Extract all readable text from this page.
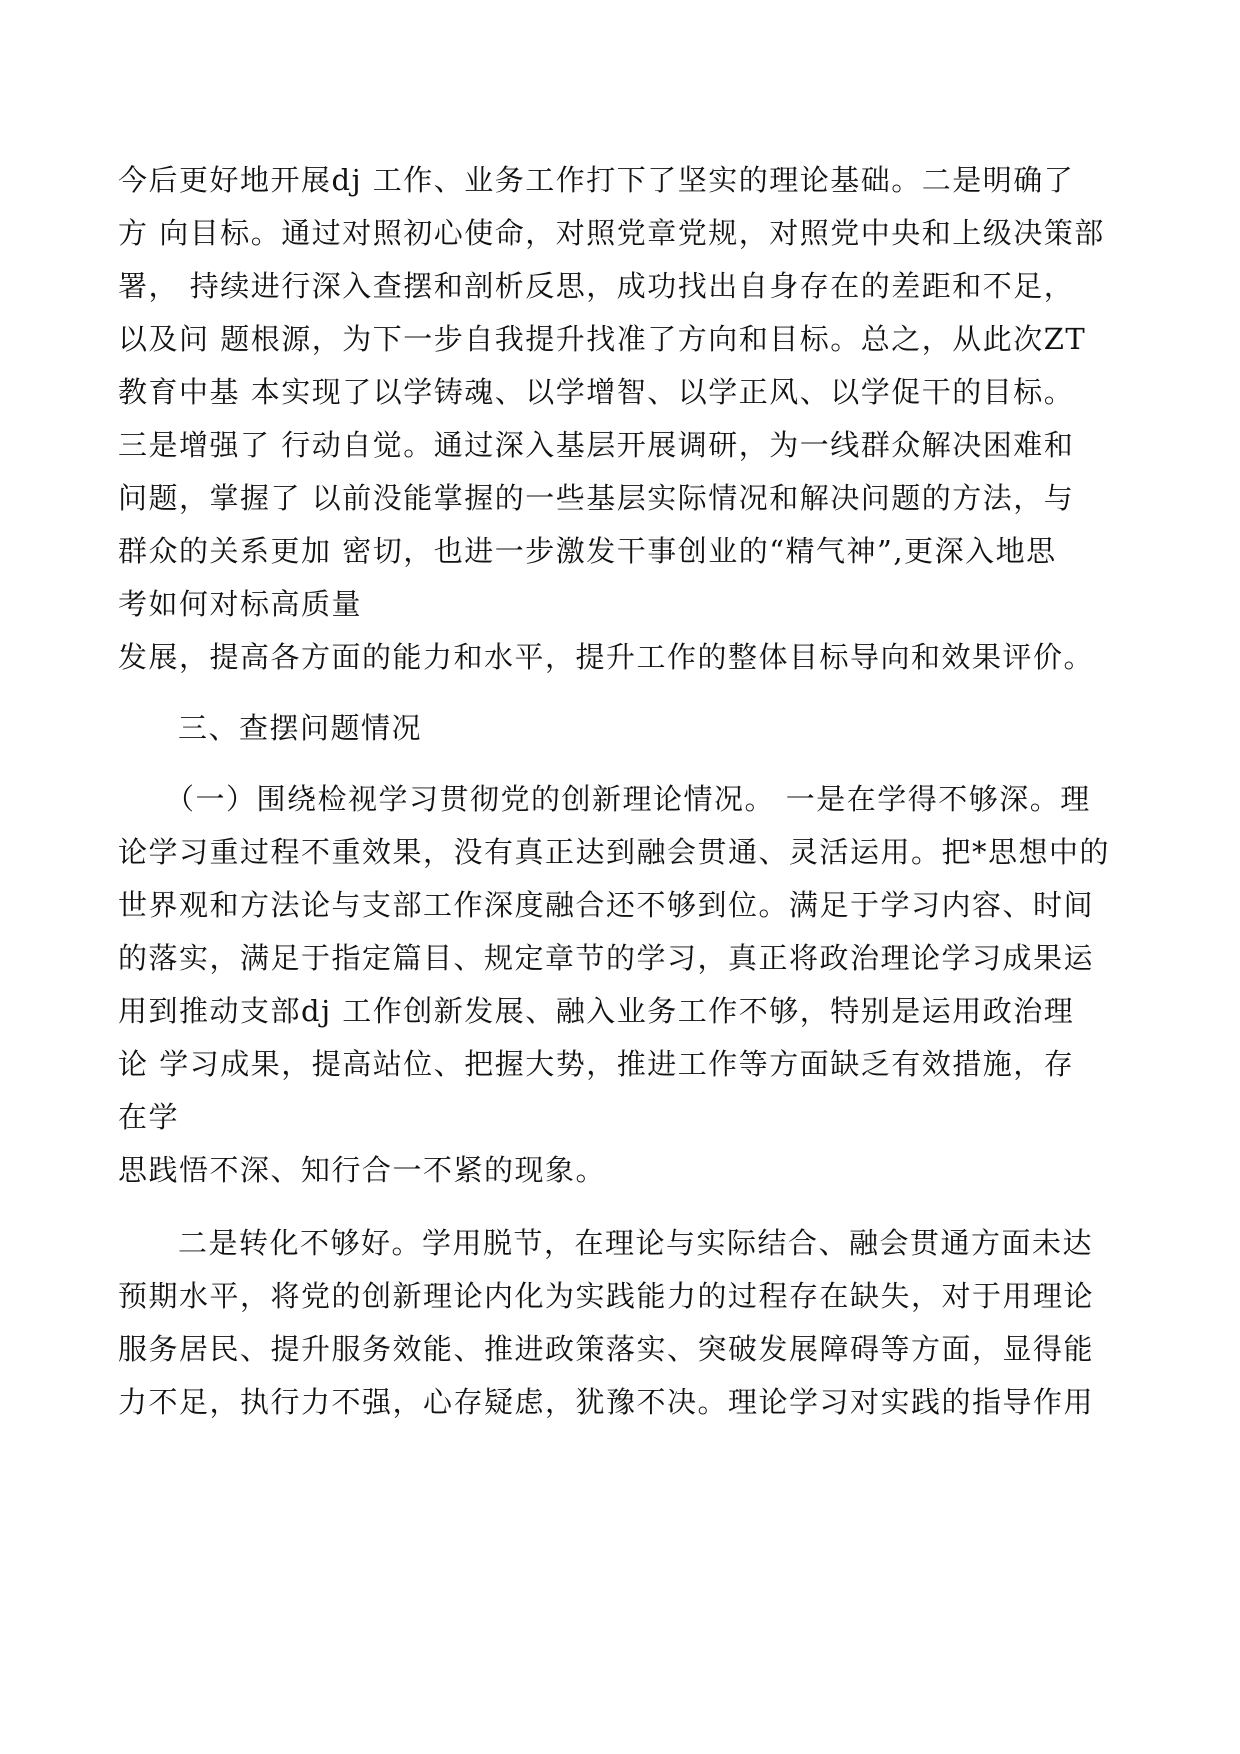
今后更好地开展dj 工作、业务工作打下了坚实的理论基础。二是明确了
方 向目标。通过对照初心使命，对照党章党规，对照党中央和上级决策部
署， 持续进行深入查摆和剖析反思，成功找出自身存在的差距和不足，
以及问 题根源，为下一步自我提升找准了方向和目标。总之，从此次ZT
教育中基 本实现了以学铸魂、以学增智、以学正风、以学促干的目标。
三是增强了 行动自觉。通过深入基层开展调研，为一线群众解决困难和
问题，掌握了 以前没能掌握的一些基层实际情况和解决问题的方法，与
群众的关系更加 密切，也进一步激发干事创业的“精气神”,更深入地思
考如何对标高质量
发展，提高各方面的能力和水平，提升工作的整体目标导向和效果评价。
三、查摆问题情况
（一）围绕检视学习贯彻党的创新理论情况。 一是在学得不够深。理
论学习重过程不重效果，没有真正达到融会贯通、灵活运用。把*思想中的
世界观和方法论与支部工作深度融合还不够到位。满足于学习内容、时间
的落实，满足于指定篇目、规定章节的学习，真正将政治理论学习成果运
用到推动支部dj 工作创新发展、融入业务工作不够，特别是运用政治理
论 学习成果，提高站位、把握大势，推进工作等方面缺乏有效措施，存
在学
思践悟不深、知行合一不紧的现象。
二是转化不够好。学用脱节，在理论与实际结合、融会贯通方面未达
预期水平，将党的创新理论内化为实践能力的过程存在缺失，对于用理论
服务居民、提升服务效能、推进政策落实、突破发展障碍等方面，显得能
力不足，执行力不强，心存疑虑，犹豫不决。理论学习对实践的指导作用
